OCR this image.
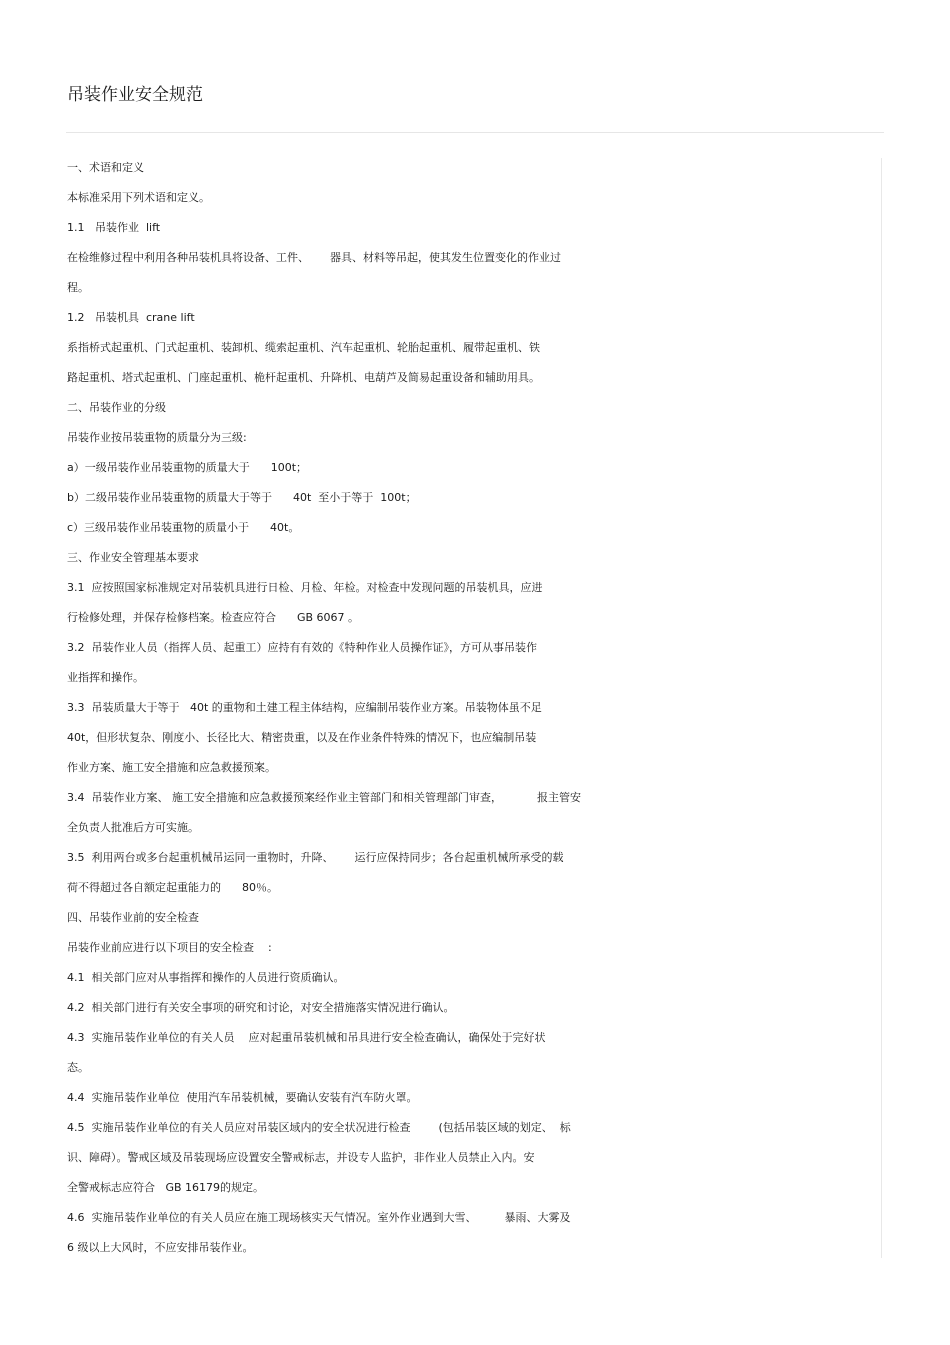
吊装作业安全规范
一、术语和定义
本标准采用下列术语和定义。
1.1   吊装作业  lift
在检维修过程中利用各种吊装机具将设备、工件、      器具、材料等吊起，使其发生位置变化的作业过
程。
1.2   吊装机具  crane lift
系指桥式起重机、门式起重机、装卸机、缆索起重机、汽车起重机、轮胎起重机、履带起重机、铁
路起重机、塔式起重机、门座起重机、桅杆起重机、升降机、电葫芦及简易起重设备和辅助用具。
二、吊装作业的分级
吊装作业按吊装重物的质量分为三级:
a）一级吊装作业吊装重物的质量大于      100t；
b）二级吊装作业吊装重物的质量大于等于      40t  至小于等于  100t；
c）三级吊装作业吊装重物的质量小于      40t。
三、作业安全管理基本要求
3.1  应按照国家标准规定对吊装机具进行日检、月检、年检。对检查中发现问题的吊装机具，应进
行检修处理，并保存检修档案。检查应符合      GB 6067 。
3.2  吊装作业人员（指挥人员、起重工）应持有有效的《特种作业人员操作证》，方可从事吊装作
业指挥和操作。
3.3  吊装质量大于等于   40t 的重物和土建工程主体结构，应编制吊装作业方案。吊装物体虽不足
40t，但形状复杂、刚度小、长径比大、精密贵重，以及在作业条件特殊的情况下，也应编制吊装
作业方案、施工安全措施和应急救援预案。
3.4  吊装作业方案、 施工安全措施和应急救援预案经作业主管部门和相关管理部门审查，          报主管安
全负责人批准后方可实施。
3.5  利用两台或多台起重机械吊运同一重物时，升降、      运行应保持同步；各台起重机械所承受的载
荷不得超过各自额定起重能力的      80％。
四、吊装作业前的安全检查
吊装作业前应进行以下项目的安全检查    :
4.1  相关部门应对从事指挥和操作的人员进行资质确认。
4.2  相关部门进行有关安全事项的研究和讨论，对安全措施落实情况进行确认。
4.3  实施吊装作业单位的有关人员    应对起重吊装机械和吊具进行安全检查确认，确保处于完好状
态。
4.4  实施吊装作业单位  使用汽车吊装机械，要确认安装有汽车防火罩。
4.5  实施吊装作业单位的有关人员应对吊装区域内的安全状况进行检查        (包括吊装区域的划定、  标
识、障碍）。警戒区域及吊装现场应设置安全警戒标志，并设专人监护，非作业人员禁止入内。安
全警戒标志应符合   GB 16179的规定。
4.6  实施吊装作业单位的有关人员应在施工现场核实天气情况。室外作业遇到大雪、        暴雨、大雾及
6 级以上大风时，不应安排吊装作业。
